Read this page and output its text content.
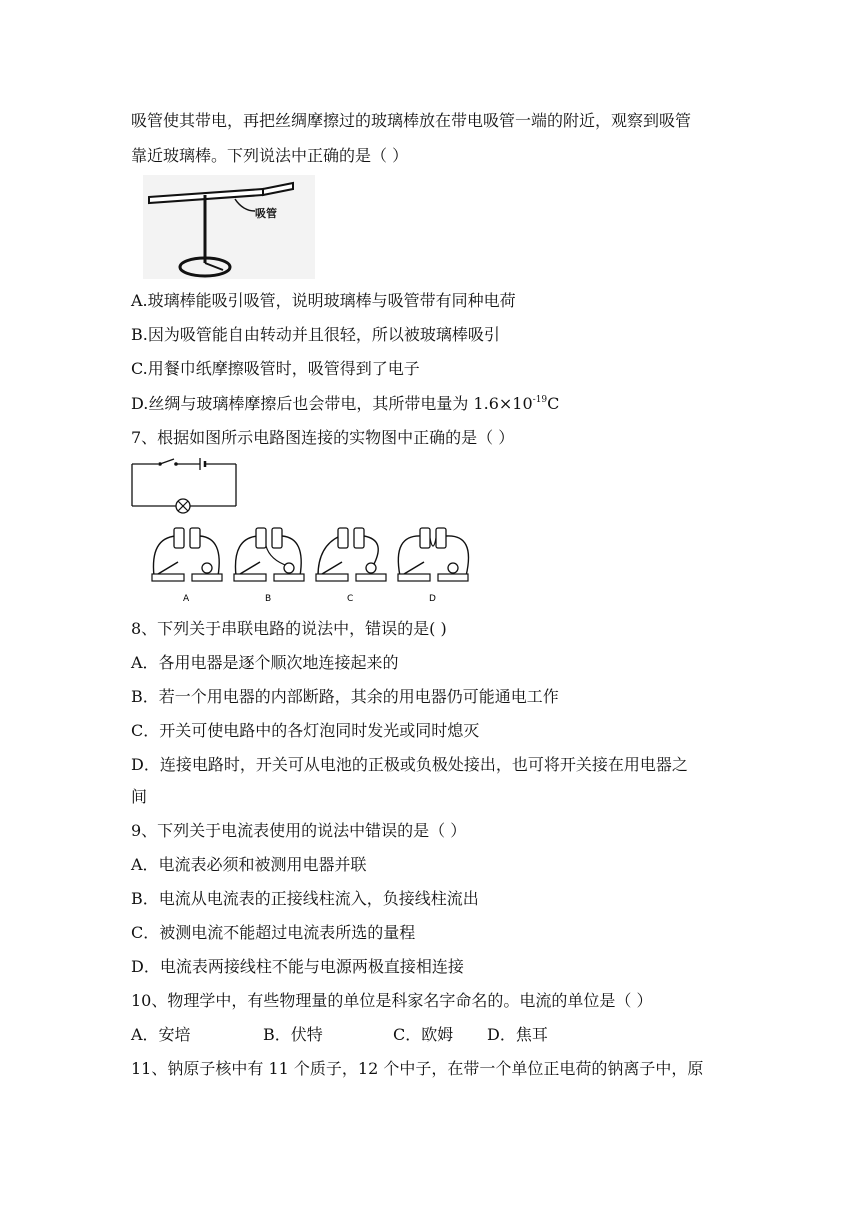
吸管使其带电，再把丝绸摩擦过的玻璃棒放在带电吸管一端的附近，观察到吸管
靠近玻璃棒。下列说法中正确的是（ ）
吸管
A.玻璃棒能吸引吸管，说明玻璃棒与吸管带有同种电荷
B.因为吸管能自由转动并且很轻，所以被玻璃棒吸引
C.用餐巾纸摩擦吸管时，吸管得到了电子
D.丝绸与玻璃棒摩擦后也会带电，其所带电量为 $1.6\times 10^{-19}C$
7、根据如图所示电路图连接的实物图中正确的是（ ）
A	B	C	D
8、下列关于串联电路的说法中，错误的是( )
A．各用电器是逐个顺次地连接起来的
B．若一个用电器的内部断路，其余的用电器仍可能通电工作
C．开关可使电路中的各灯泡同时发光或同时熄灭
D．连接电路时，开关可从电池的正极或负极处接出，也可将开关接在用电器之
间
9、下列关于电流表使用的说法中错误的是（ ）
A．电流表必须和被测用电器并联
B．电流从电流表的正接线柱流入，负接线柱流出
C．被测电流不能超过电流表所选的量程
D．电流表两接线柱不能与电源两极直接相连接
10、物理学中，有些物理量的单位是科家名字命名的。电流的单位是（ ）
A．安培	B．伏特	C．欧姆 D．焦耳
11、钠原子核中有 11 个质子，12 个中子，在带一个单位正电荷的钠离子中，原
